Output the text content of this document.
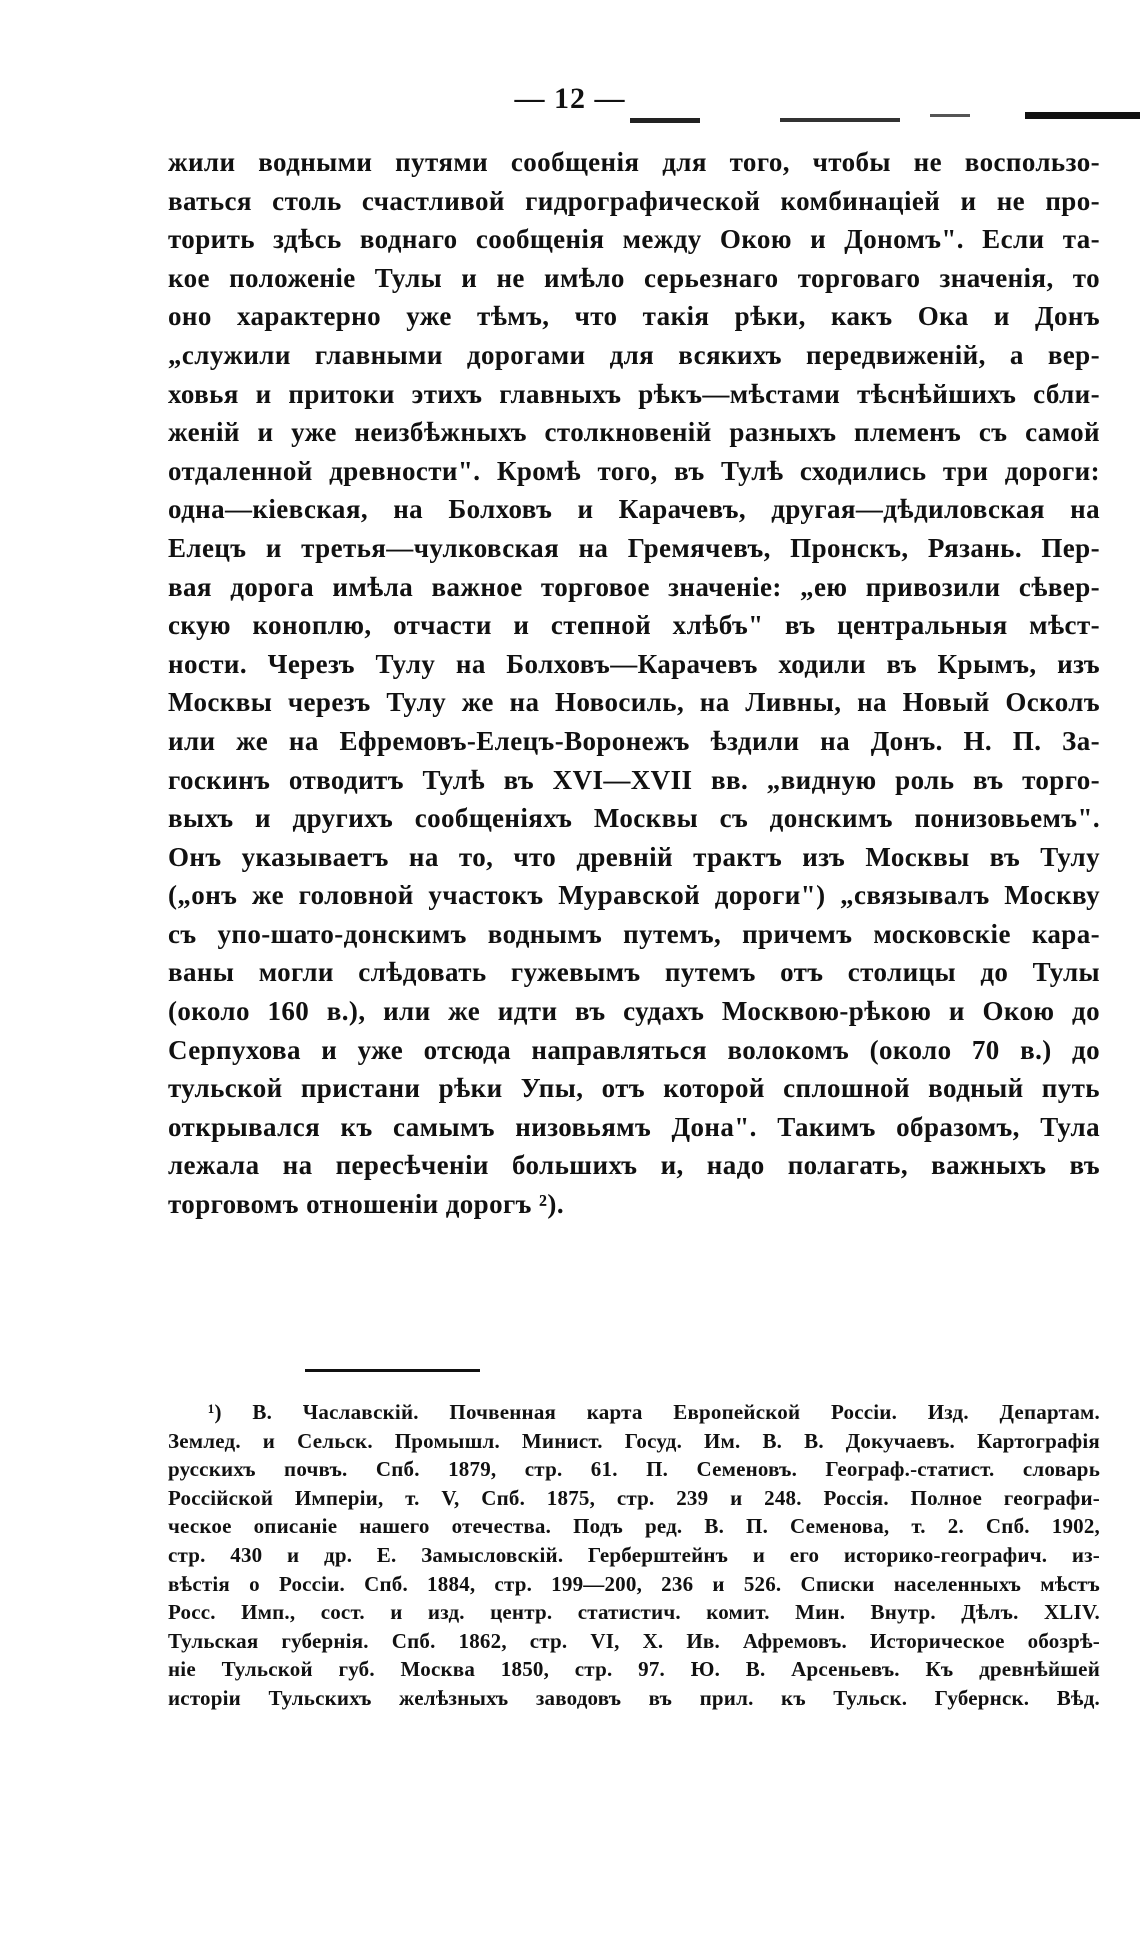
— 12 —
жили водными путями сообщенія для того, чтобы не воспользо-
ваться столь счастливой гидрографической комбинаціей и не про-
торить здѣсь воднаго сообщенія между Окою и Дономъ". Если та-
кое положеніе Тулы и не имѣло серьезнаго торговаго значенія, то
оно характерно уже тѣмъ, что такія рѣки, какъ Ока и Донъ
„служили главными дорогами для всякихъ передвиженій, а вер-
ховья и притоки этихъ главныхъ рѣкъ—мѣстами тѣснѣйшихъ сбли-
женій и уже неизбѣжныхъ столкновеній разныхъ племенъ съ самой
отдаленной древности". Кромѣ того, въ Тулѣ сходились три дороги:
одна—кіевская, на Болховъ и Карачевъ, другая—дѣдиловская на
Елецъ и третья—чулковская на Гремячевъ, Пронскъ, Рязань. Пер-
вая дорога имѣла важное торговое значеніе: „ею привозили сѣвер-
скую коноплю, отчасти и степной хлѣбъ" въ центральныя мѣст-
ности. Черезъ Тулу на Болховъ—Карачевъ ходили въ Крымъ, изъ
Москвы черезъ Тулу же на Новосиль, на Ливны, на Новый Осколъ
или же на Ефремовъ-Елецъ-Воронежъ ѣздили на Донъ. Н. П. За-
госкинъ отводитъ Тулѣ въ XVI—XVII вв. „видную роль въ торго-
выхъ и другихъ сообщеніяхъ Москвы съ донскимъ понизовьемъ".
Онъ указываетъ на то, что древній трактъ изъ Москвы въ Тулу
(„онъ же головной участокъ Муравской дороги") „связывалъ Москву
съ упо-шато-донскимъ воднымъ путемъ, причемъ московскіе кара-
ваны могли слѣдовать гужевымъ путемъ отъ столицы до Тулы
(около 160 в.), или же идти въ судахъ Москвою-рѣкою и Окою до
Серпухова и уже отсюда направляться волокомъ (около 70 в.) до
тульской пристани рѣки Упы, отъ которой сплошной водный путь
открывался къ самымъ низовьямъ Дона". Такимъ образомъ, Тула
лежала на пересѣченіи большихъ и, надо полагать, важныхъ въ
торговомъ отношеніи дорогъ ²).
¹) В. Чаславскій. Почвенная карта Европейской Россіи. Изд. Департам.
Землед. и Сельск. Промышл. Минист. Госуд. Им. В. В. Докучаевъ. Картографія
русскихъ почвъ. Спб. 1879, стр. 61. П. Семеновъ. Географ.-статист. словарь
Россійской Имперіи, т. V, Спб. 1875, стр. 239 и 248. Россія. Полное географи-
ческое описаніе нашего отечества. Подъ ред. В. П. Семенова, т. 2. Спб. 1902,
стр. 430 и др. Е. Замысловскій. Герберштейнъ и его историко-географич. из-
вѣстія о Россіи. Спб. 1884, стр. 199—200, 236 и 526. Списки населенныхъ мѣстъ
Росс. Имп., сост. и изд. центр. статистич. комит. Мин. Внутр. Дѣлъ. XLIV.
Тульская губернія. Спб. 1862, стр. VI, Х. Ив. Афремовъ. Историческое обозрѣ-
ніе Тульской губ. Москва 1850, стр. 97. Ю. В. Арсеньевъ. Къ древнѣйшей
исторіи Тульскихъ желѣзныхъ заводовъ въ прил. къ Тульск. Губернск. Вѣд.
